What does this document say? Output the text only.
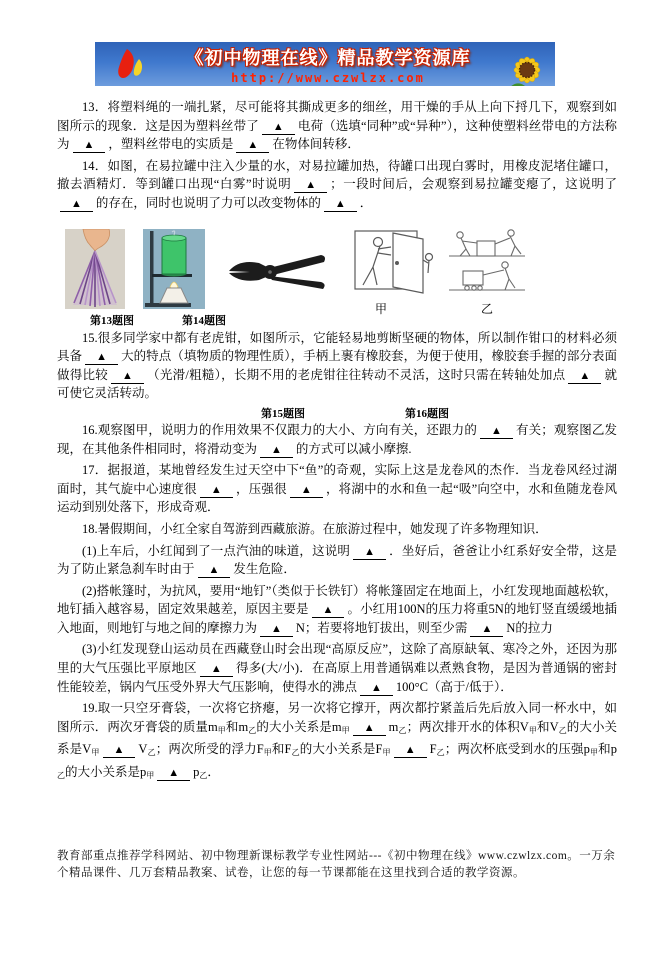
《初中物理在线》精品教学资源库
http://www.czwlzx.com

13．将塑料绳的一端扎紧，尽可能将其撕成更多的细丝，用干燥的手从上向下捋几下，观察到如图所示的现象．这是因为塑料丝带了 ▲ 电荷（选填“同种”或“异种”），这种使塑料丝带电的方法称为 ▲ ，塑料丝带电的实质是 ▲ 在物体间转移．

14．如图，在易拉罐中注入少量的水，对易拉罐加热，待罐口出现白雾时，用橡皮泥堵住罐口，撤去酒精灯．等到罐口出现“白雾”时说明 ▲ ；一段时间后，会观察到易拉罐变瘪了，这说明了▲ 的存在，同时也说明了力可以改变物体的 ▲ ．

甲	乙
第13题图	第14题图

15.很多同学家中都有老虎钳，如图所示，它能轻易地剪断坚硬的物体，所以制作钳口的材料必须具备 ▲ 大的特点（填物质的物理性质），手柄上裹有橡胶套，为便于使用，橡胶套手握的部分表面做得比较 ▲ （光滑/粗糙），长期不用的老虎钳往往转动不灵活，这时只需在转轴处加点 ▲ 就可使它灵活转动。

第15题图	第16题图

16.观察图甲，说明力的作用效果不仅跟力的大小、方向有关，还跟力的 ▲ 有关；观察图乙发现，在其他条件相同时，将滑动变为 ▲ 的方式可以减小摩擦.

17．据报道，某地曾经发生过天空中下“鱼”的奇观，实际上这是龙卷风的杰作．当龙卷风经过湖面时，其气旋中心速度很 ▲ ，压强很 ▲ ，将湖中的水和鱼一起“吸”向空中，水和鱼随龙卷风运动到别处落下，形成奇观．

18.暑假期间，小红全家自驾游到西藏旅游。在旅游过程中，她发现了许多物理知识．

(1)上车后，小红闻到了一点汽油的味道，这说明 ▲ ．坐好后，爸爸让小红系好安全带，这是为了防止紧急刹车时由于 ▲ 发生危险．

(2)搭帐篷时，为抗风，要用“地钉”（类似于长铁钉）将帐篷固定在地面上，小红发现地面越松软，地钉插入越容易，固定效果越差，原因主要是 ▲ 。小红用100N的压力将重5N的地钉竖直缓缓地插入地面，则地钉与地之间的摩擦力为 ▲ N；若要将地钉拔出，则至少需 ▲ N的拉力

(3)小红发现登山运动员在西藏登山时会出现“高原反应”，这除了高原缺氧、寒冷之外，还因为那里的大气压强比平原地区 ▲ 得多(大/小)．在高原上用普通锅难以煮熟食物，是因为普通锅的密封性能较差，锅内气压受外界大气压影响，使得水的沸点 ▲ 100°C（高于/低于）．

19.取一只空牙膏袋，一次将它挤瘪，另一次将它撑开，两次都拧紧盖后先后放入同一杯水中，如图所示．两次牙膏袋的质量$m_甲$和$m_乙$的大小关系是$m_甲$ ▲ $m_乙$；两次排开水的体积$V_甲$和$V_乙$的大小关系是$V_甲$ ▲ $V_乙$；两次所受的浮力$F_甲$和$F_乙$的大小关系是$F_甲$ ▲ $F_乙$；两次杯底受到水的压强$p_甲$和$p_乙$的大小关系是$p_甲$ ▲ $p_乙$．

教育部重点推荐学科网站、初中物理新课标教学专业性网站---《初中物理在线》www.czwlzx.com。一万余个精品课件、几万套精品教案、试卷，让您的每一节课都能在这里找到合适的教学资源。
